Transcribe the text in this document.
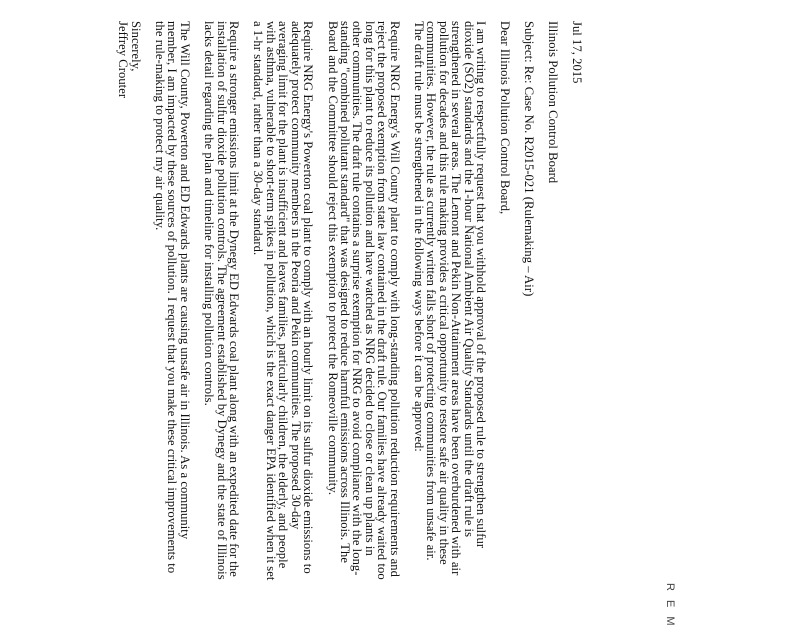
Jul 17, 2015

Illinois Pollution Control Board

Subject: Re: Case No. R2015-021 (Rulemaking – Air)

Dear Illinois Pollution Control Board,

I am writing to respectfully request that you withhold approval of the proposed rule to strengthen sulfur dioxide (SO2) standards and the 1-hour National Ambient Air Quality Standards until the draft rule is strengthened in several areas. The Lemont and Pekin Non-Attainment areas have been overburdened with air pollution for decades and this rule making provides a critical opportunity to restore safe air quality in these communities. However, the rule as currently written falls short of protecting communities from unsafe air. The draft rule must be strengthened in the following ways before it can be approved:

Require NRG Energy's Will County plant to comply with long-standing pollution reduction requirements and reject the proposed exemption from state law contained in the draft rule. Our families have already waited too long for this plant to reduce its pollution and have watched as NRG decided to close or clean up plants in other communities. The draft rule contains a surprise exemption for NRG to avoid compliance with the long-standing "combined pollutant standard" that was designed to reduce harmful emissions across Illinois. The Board and the Committee should reject this exemption to protect the Romeoville community.

Require NRG Energy's Powerton coal plant to comply with an hourly limit on its sulfur dioxide emissions to adequately protect community members in the Peoria and Pekin communities. The proposed 30-day averaging limit for the plant is insufficient and leaves families, particularly children, the elderly, and people with asthma, vulnerable to short-term spikes in pollution, which is the exact danger EPA identified when it set a 1-hr standard, rather than a 30-day standard.

Require a stronger emissions limit at the Dynegy ED Edwards coal plant along with an expedited date for the installation of sulfur dioxide pollution controls. The agreement established by Dynegy and the state of Illinois lacks detail regarding the plan and timeline for installing pollution controls.

The Will County, Powerton and ED Edwards plants are causing unsafe air in Illinois. As a community member, I am impacted by these sources of pollution. I request that you make these critical improvements to the rule-making to protect my air quality.

Sincerely,

Jeffrey Crouter

R E M
